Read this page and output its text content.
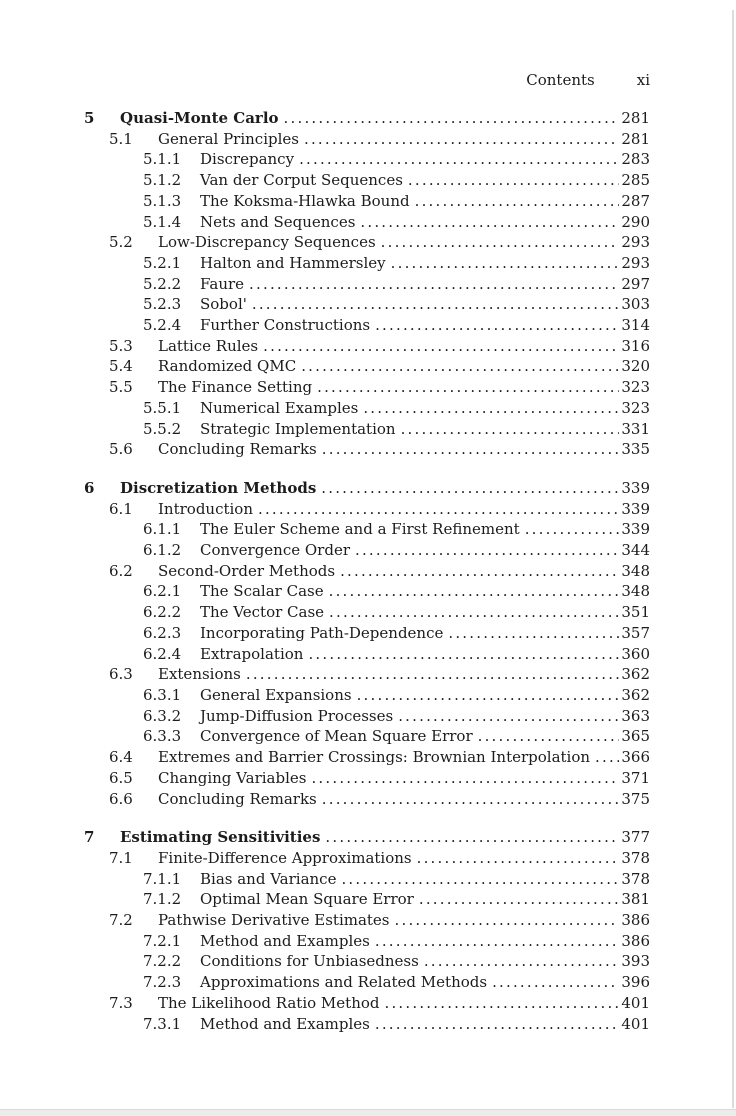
Contents	xi
5	Quasi-Monte Carlo .....	281
5.1	General Principles .....	281
5.1.1	Discrepancy .....	283
5.1.2	Van der Corput Sequences .....	285
5.1.3	The Koksma-Hlawka Bound .....	287
5.1.4	Nets and Sequences .....	290
5.2	Low-Discrepancy Sequences .....	293
5.2.1	Halton and Hammersley .....	293
5.2.2	Faure .....	297
5.2.3	Sobol' .....	303
5.2.4	Further Constructions .....	314
5.3	Lattice Rules .....	316
5.4	Randomized QMC .....	320
5.5	The Finance Setting .....	323
5.5.1	Numerical Examples .....	323
5.5.2	Strategic Implementation .....	331
5.6	Concluding Remarks .....	335
6	Discretization Methods .....	339
6.1	Introduction .....	339
6.1.1	The Euler Scheme and a First Refinement .....	339
6.1.2	Convergence Order .....	344
6.2	Second-Order Methods .....	348
6.2.1	The Scalar Case .....	348
6.2.2	The Vector Case .....	351
6.2.3	Incorporating Path-Dependence .....	357
6.2.4	Extrapolation .....	360
6.3	Extensions .....	362
6.3.1	General Expansions .....	362
6.3.2	Jump-Diffusion Processes .....	363
6.3.3	Convergence of Mean Square Error .....	365
6.4	Extremes and Barrier Crossings: Brownian Interpolation ..... 366
6.5	Changing Variables .....	371
6.6	Concluding Remarks .....	375
7	Estimating Sensitivities .....	377
7.1	Finite-Difference Approximations .....	378
7.1.1	Bias and Variance .....	378
7.1.2	Optimal Mean Square Error .....	381
7.2	Pathwise Derivative Estimates .....	386
7.2.1	Method and Examples .....	386
7.2.2	Conditions for Unbiasedness .....	393
7.2.3	Approximations and Related Methods .....	396
7.3	The Likelihood Ratio Method .....	401
7.3.1	Method and Examples .....	401
